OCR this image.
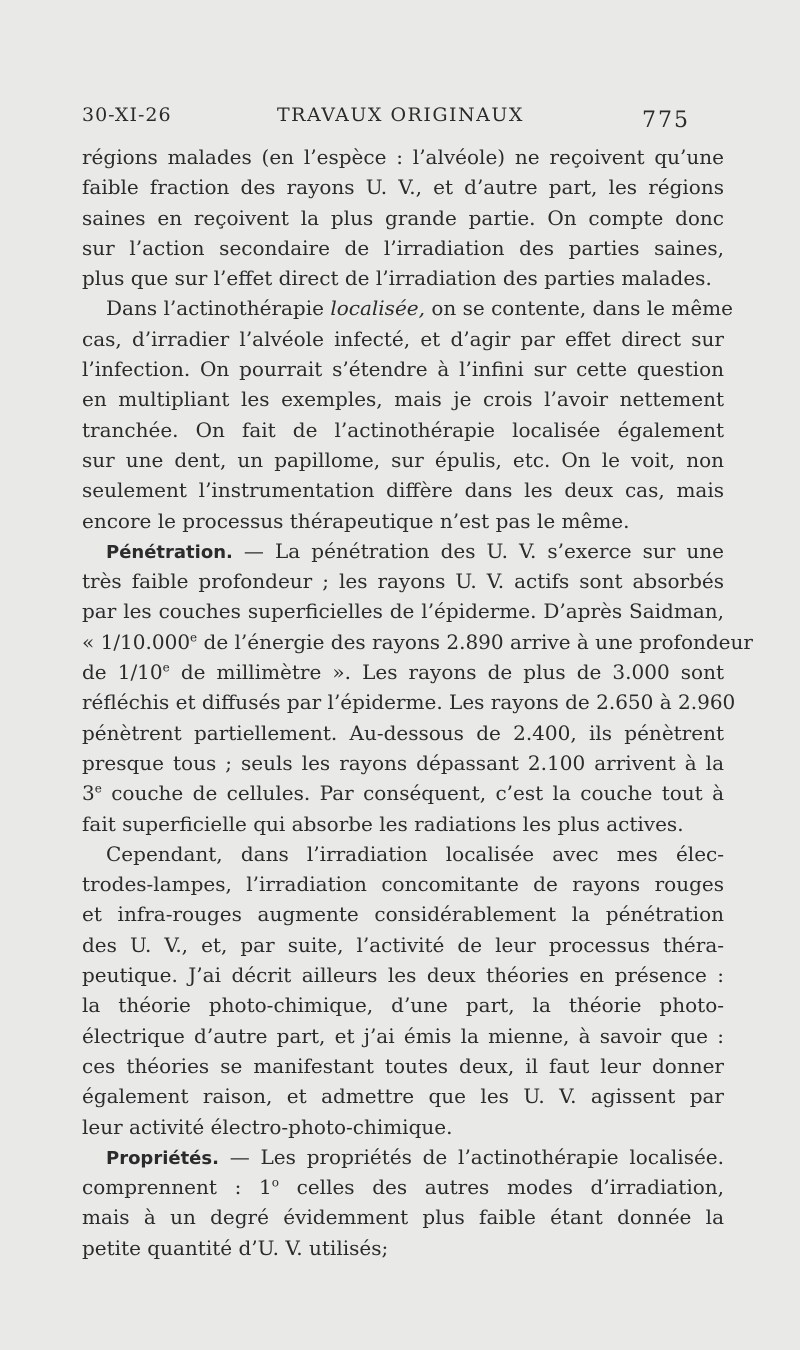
30-XI-26	TRAVAUX ORIGINAUX	775
régions malades (en l’espèce : l’alvéole) ne reçoivent qu’une
faible fraction des rayons U. V., et d’autre part, les régions
saines en reçoivent la plus grande partie. On compte donc
sur l’action secondaire de l’irradiation des parties saines,
plus que sur l’effet direct de l’irradiation des parties malades.
Dans l’actinothérapie localisée, on se contente, dans le même
cas, d’irradier l’alvéole infecté, et d’agir par effet direct sur
l’infection. On pourrait s’étendre à l’infini sur cette question
en multipliant les exemples, mais je crois l’avoir nettement
tranchée. On fait de l’actinothérapie localisée également
sur une dent, un papillome, sur épulis, etc. On le voit, non
seulement l’instrumentation diffère dans les deux cas, mais
encore le processus thérapeutique n’est pas le même.
Pénétration. — La pénétration des U. V. s’exerce sur une
très faible profondeur ; les rayons U. V. actifs sont absorbés
par les couches superficielles de l’épiderme. D’après Saidman,
« 1/10.000e de l’énergie des rayons 2.890 arrive à une profondeur
de 1/10e de millimètre ». Les rayons de plus de 3.000 sont
réfléchis et diffusés par l’épiderme. Les rayons de 2.650 à 2.960
pénètrent partiellement. Au-dessous de 2.400, ils pénètrent
presque tous ; seuls les rayons dépassant 2.100 arrivent à la
3e couche de cellules. Par conséquent, c’est la couche tout à
fait superficielle qui absorbe les radiations les plus actives.
Cependant, dans l’irradiation localisée avec mes élec-
trodes-lampes, l’irradiation concomitante de rayons rouges
et infra-rouges augmente considérablement la pénétration
des U. V., et, par suite, l’activité de leur processus théra-
peutique. J’ai décrit ailleurs les deux théories en présence :
la théorie photo-chimique, d’une part, la théorie photo-
électrique d’autre part, et j’ai émis la mienne, à savoir que :
ces théories se manifestant toutes deux, il faut leur donner
également raison, et admettre que les U. V. agissent par
leur activité électro-photo-chimique.
Propriétés. — Les propriétés de l’actinothérapie localisée.
comprennent : 1$^o$ celles des autres modes d’irradiation,
mais à un degré évidemment plus faible étant donnée la
petite quantité d’U. V. utilisés;
